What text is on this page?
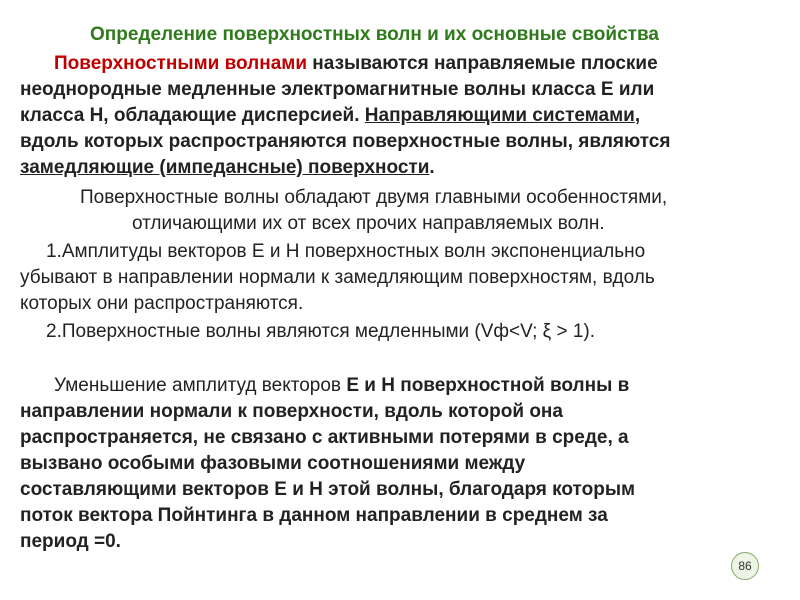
Определение поверхностных волн и их основные свойства
Поверхностными волнами называются направляемые плоские
неоднородные медленные электромагнитные волны класса Е или
класса Н, обладающие дисперсией. Направляющими системами,
вдоль которых распространяются поверхностные волны, являются
замедляющие (импедансные) поверхности.
Поверхностные волны обладают двумя главными особенностями,
отличающими их от всех прочих направляемых волн.
1.Амплитуды векторов Е и Н поверхностных волн экспоненциально
убывают в направлении нормали к замедляющим поверхностям, вдоль
которых они распространяются.
2.Поверхностные волны являются медленными (Vф<V; ξ > 1).
Уменьшение амплитуд векторов Е и Н поверхностной волны в
направлении нормали к поверхности, вдоль которой она
распространяется, не связано с активными потерями в среде, а
вызвано особыми фазовыми соотношениями между
составляющими векторов Е и Н этой волны, благодаря которым
поток вектора Пойнтинга в данном направлении в среднем за
период =0.
86
